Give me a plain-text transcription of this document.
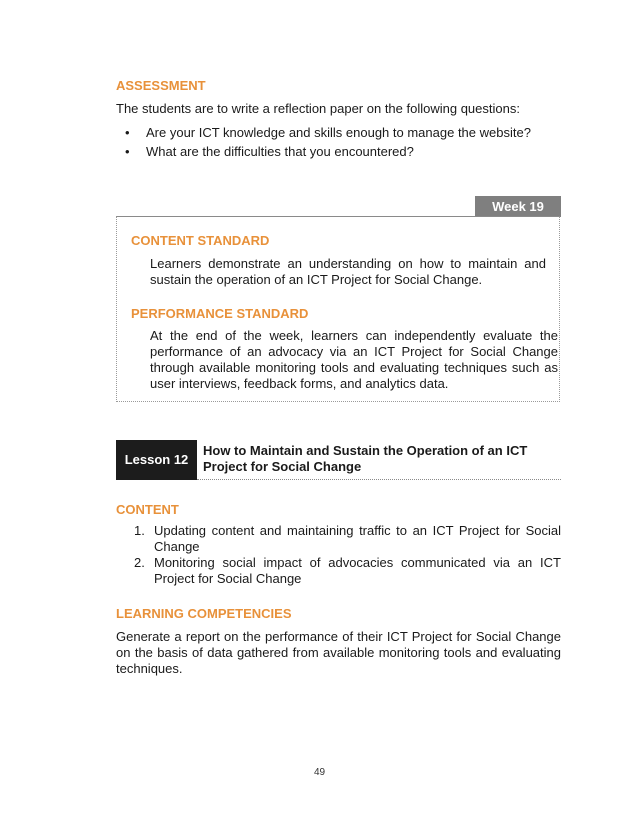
ASSESSMENT
The students are to write a reflection paper on the following questions:
• Are your ICT knowledge and skills enough to manage the website?
• What are the difficulties that you encountered?
Week 19
CONTENT STANDARD
Learners demonstrate an understanding on how to maintain and sustain the operation of an ICT Project for Social Change.
PERFORMANCE STANDARD
At the end of the week, learners can independently evaluate the performance of an advocacy via an ICT Project for Social Change through available monitoring tools and evaluating techniques such as user interviews, feedback forms, and analytics data.
Lesson 12
How to Maintain and Sustain the Operation of an ICT Project for Social Change
CONTENT
1. Updating content and maintaining traffic to an ICT Project for Social Change
2. Monitoring social impact of advocacies communicated via an ICT Project for Social Change
LEARNING COMPETENCIES
Generate a report on the performance of their ICT Project for Social Change on the basis of data gathered from available monitoring tools and evaluating techniques.
49
